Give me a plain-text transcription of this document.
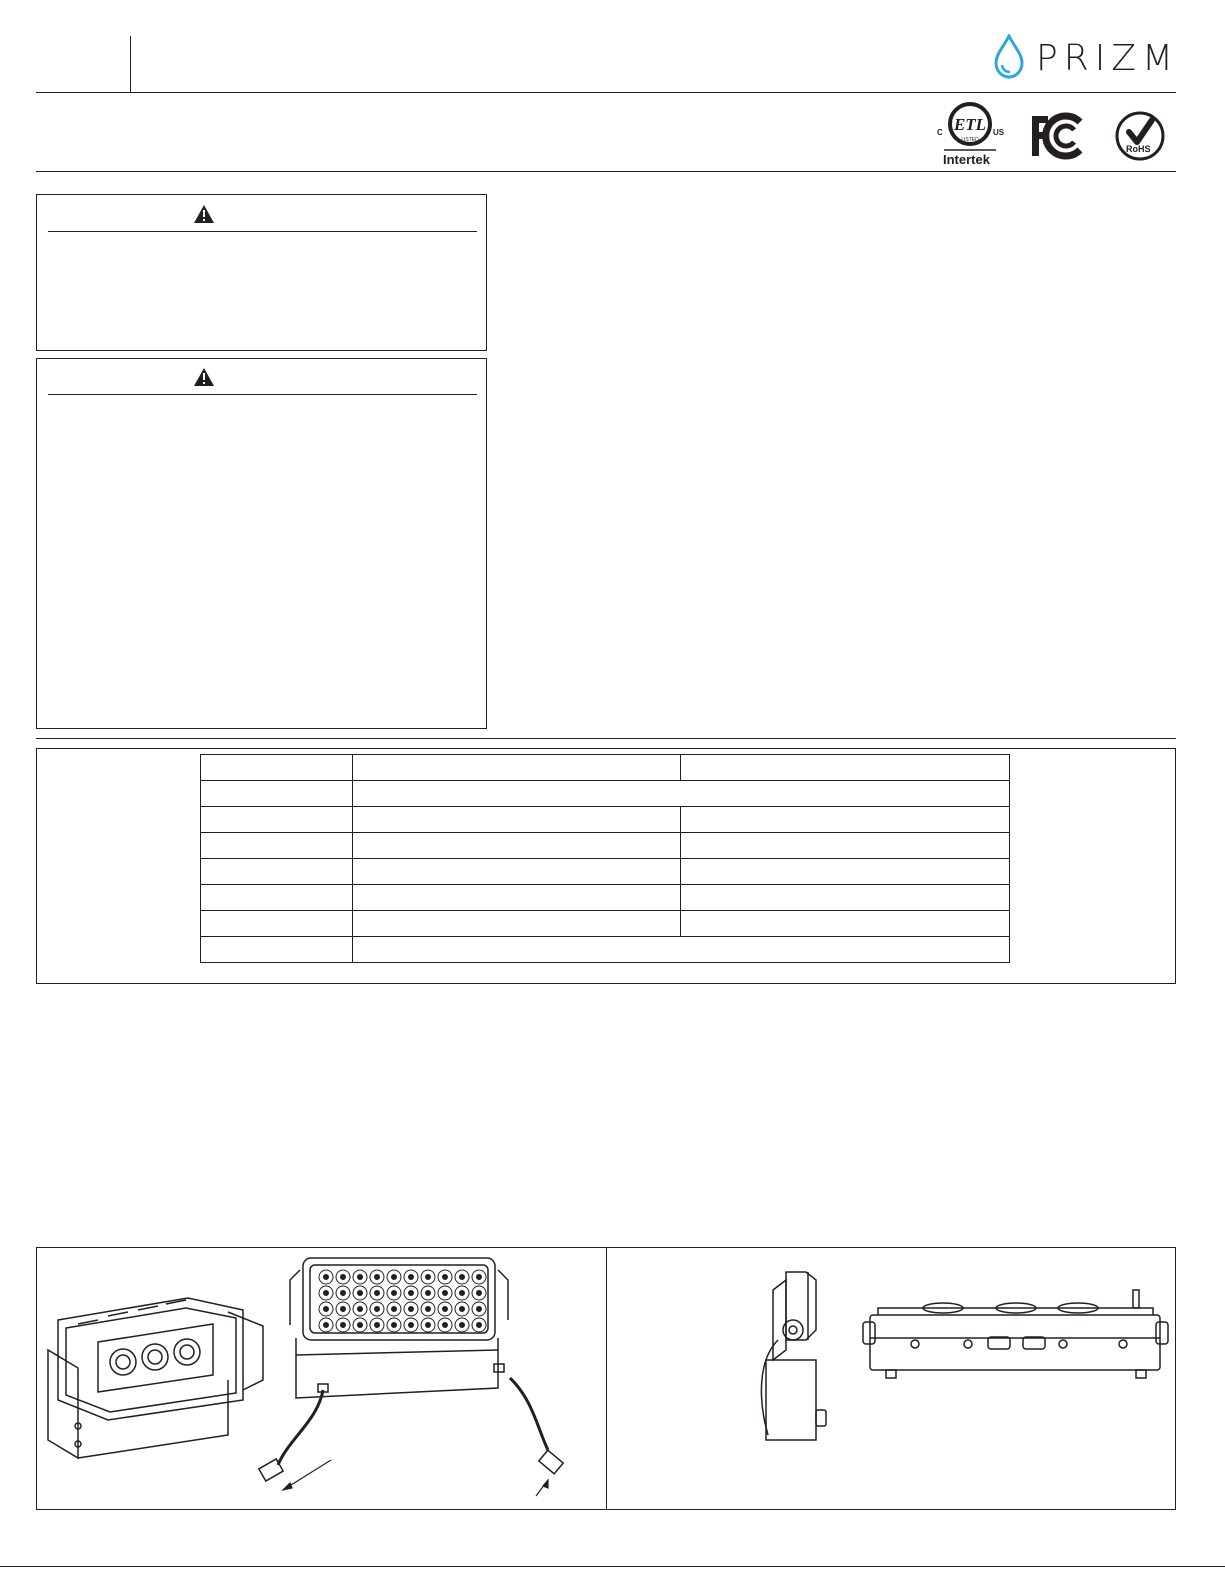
PRIZM
ETL
LISTED
C	US
Intertek
RoHS
